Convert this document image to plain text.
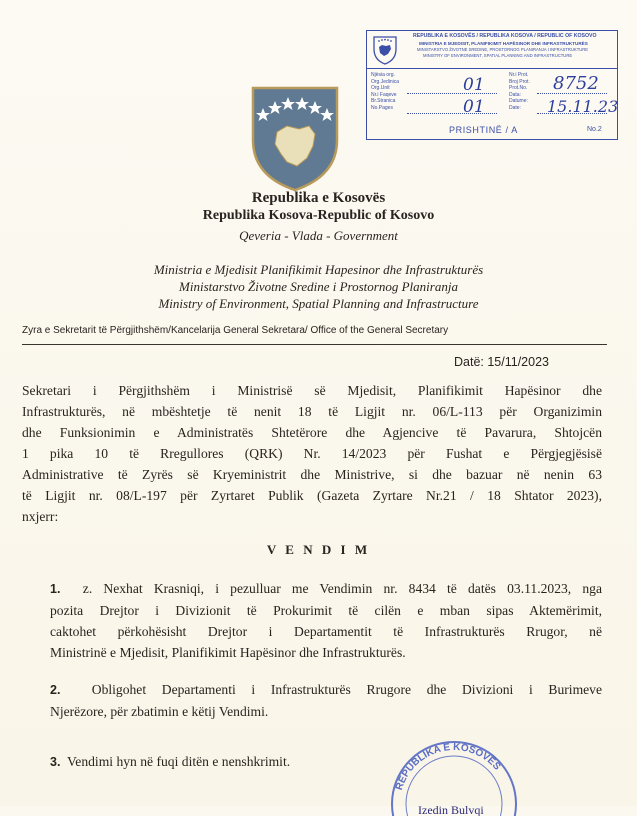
REPUBLIKA E KOSOVËS / REPUBLIKA KOSOVA / REPUBLIC OF KOSOVO
MINISTRIA E MJEDISIT, PLANIFIKIMIT HAPËSINOR DHE INFRASTRUKTURËS
MINISTARSTVO ŽIVOTNE SREDINE, PROSTORNOG PLANIRANJA I INFRASTRUKTURE
MINISTRY OF ENVIRONMENT, SPATIAL PLANNING AND INFRASTRUCTURE
Njësia org.
Org.Jedinica
Org.Unit
Nr.i Faqeve
Br.Stranica
No.Pages
Nr.i Prot.
Broj Prot.
Prot.No.
Data:
Datume:
Date:
01
01
8752
15.11.23
PRISHTINË / A	No.2
Republika e Kosovës
Republika Kosova-Republic of Kosovo
Qeveria - Vlada - Government
Ministria e Mjedisit Planifikimit Hapesinor dhe Infrastrukturës
Ministarstvo Životne Sredine i Prostornog Planiranja
Ministry of Environment, Spatial Planning and Infrastructure
Zyra e Sekretarit të Përgjithshëm/Kancelarija General Sekretara/ Office of the General Secretary
Datë: 15/11/2023
Sekretari i Përgjithshëm i Ministrisë së Mjedisit, Planifikimit Hapësinor dhe
Infrastrukturës, në mbështetje të nenit 18 të Ligjit nr. 06/L-113 për Organizimin
dhe Funksionimin e Administratës Shtetërore dhe Agjencive të Pavarura, Shtojcën
1 pika 10 të Rregullores (QRK) Nr. 14/2023 për Fushat e Përgjegjësisë
Administrative të Zyrës së Kryeministrit dhe Ministrive, si dhe bazuar në nenin 63
të Ligjit nr. 08/L-197 për Zyrtaret Publik (Gazeta Zyrtare Nr.21 / 18 Shtator 2023),
nxjerr:
V E N D I M
1. z. Nexhat Krasniqi, i pezulluar me Vendimin nr. 8434 të datës 03.11.2023, nga
pozita Drejtor i Divizionit të Prokurimit të cilën e mban sipas Aktemërimit,
caktohet përkohësisht Drejtor i Departamentit të Infrastrukturës Rrugor, në
Ministrinë e Mjedisit, Planifikimit Hapësinor dhe Infrastrukturës.
2. Obligohet Departamenti i Infrastrukturës Rrugore dhe Divizioni i Burimeve
Njerëzore, për zbatimin e këtij Vendimi.
3. Vendimi hyn në fuqi ditën e nenshkrimit.
REPUBLIKA E KOSOVËS
Izedin Bulvqi
